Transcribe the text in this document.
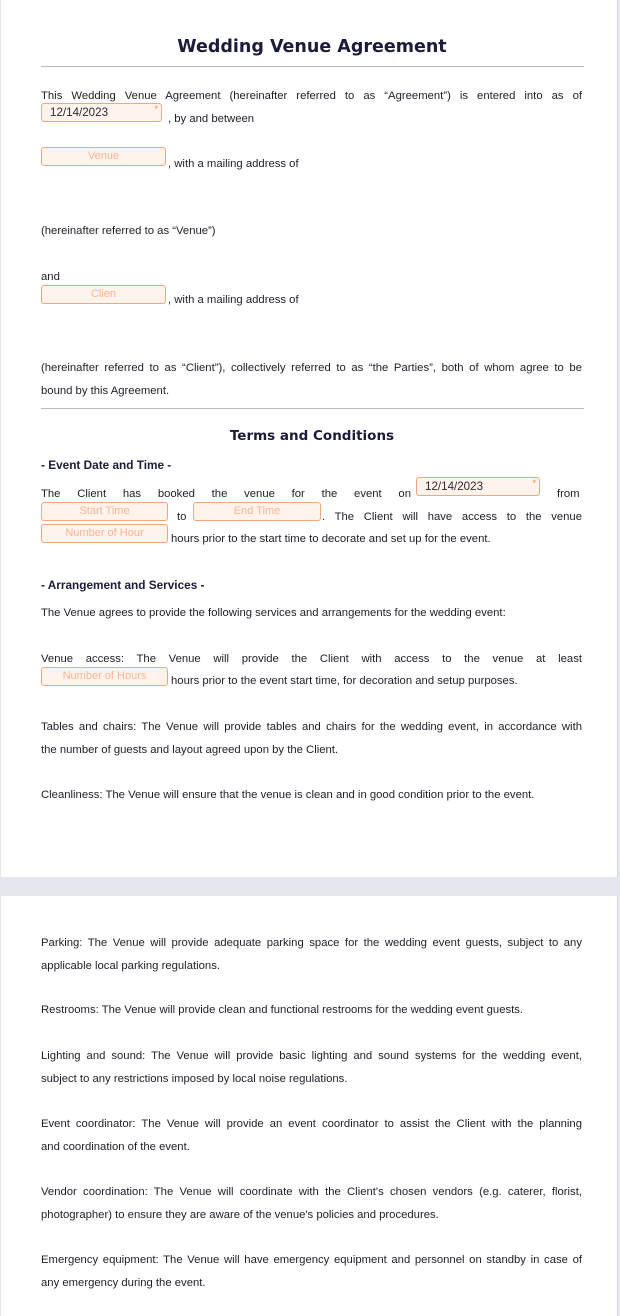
Wedding Venue Agreement
This Wedding Venue Agreement (hereinafter referred to as “Agreement”) is entered into as of
12/14/2023	*
, by and between
Venue
, with a mailing address of
(hereinafter referred to as “Venue”)
and
Clien	, with a mailing address of
(hereinafter referred to as “Client”), collectively referred to as “the Parties”, both of whom agree to be
bound by this Agreement.
Terms and Conditions
- Event Date and Time -
The Client has booked the venue for the event on
12/14/2023	*
from
Start Time	to	End Time	. The Client will have access to the venue
Number of Hour	hours prior to the start time to decorate and set up for the event.
- Arrangement and Services -
The Venue agrees to provide the following services and arrangements for the wedding event:
Venue access: The Venue will provide the Client with access to the venue at least
Number of Hours	hours prior to the event start time, for decoration and setup purposes.
Tables and chairs: The Venue will provide tables and chairs for the wedding event, in accordance with
the number of guests and layout agreed upon by the Client.
Cleanliness: The Venue will ensure that the venue is clean and in good condition prior to the event.
Parking: The Venue will provide adequate parking space for the wedding event guests, subject to any
applicable local parking regulations.
Restrooms: The Venue will provide clean and functional restrooms for the wedding event guests.
Lighting and sound: The Venue will provide basic lighting and sound systems for the wedding event,
subject to any restrictions imposed by local noise regulations.
Event coordinator: The Venue will provide an event coordinator to assist the Client with the planning
and coordination of the event.
Vendor coordination: The Venue will coordinate with the Client's chosen vendors (e.g. caterer, florist,
photographer) to ensure they are aware of the venue's policies and procedures.
Emergency equipment: The Venue will have emergency equipment and personnel on standby in case of
any emergency during the event.
